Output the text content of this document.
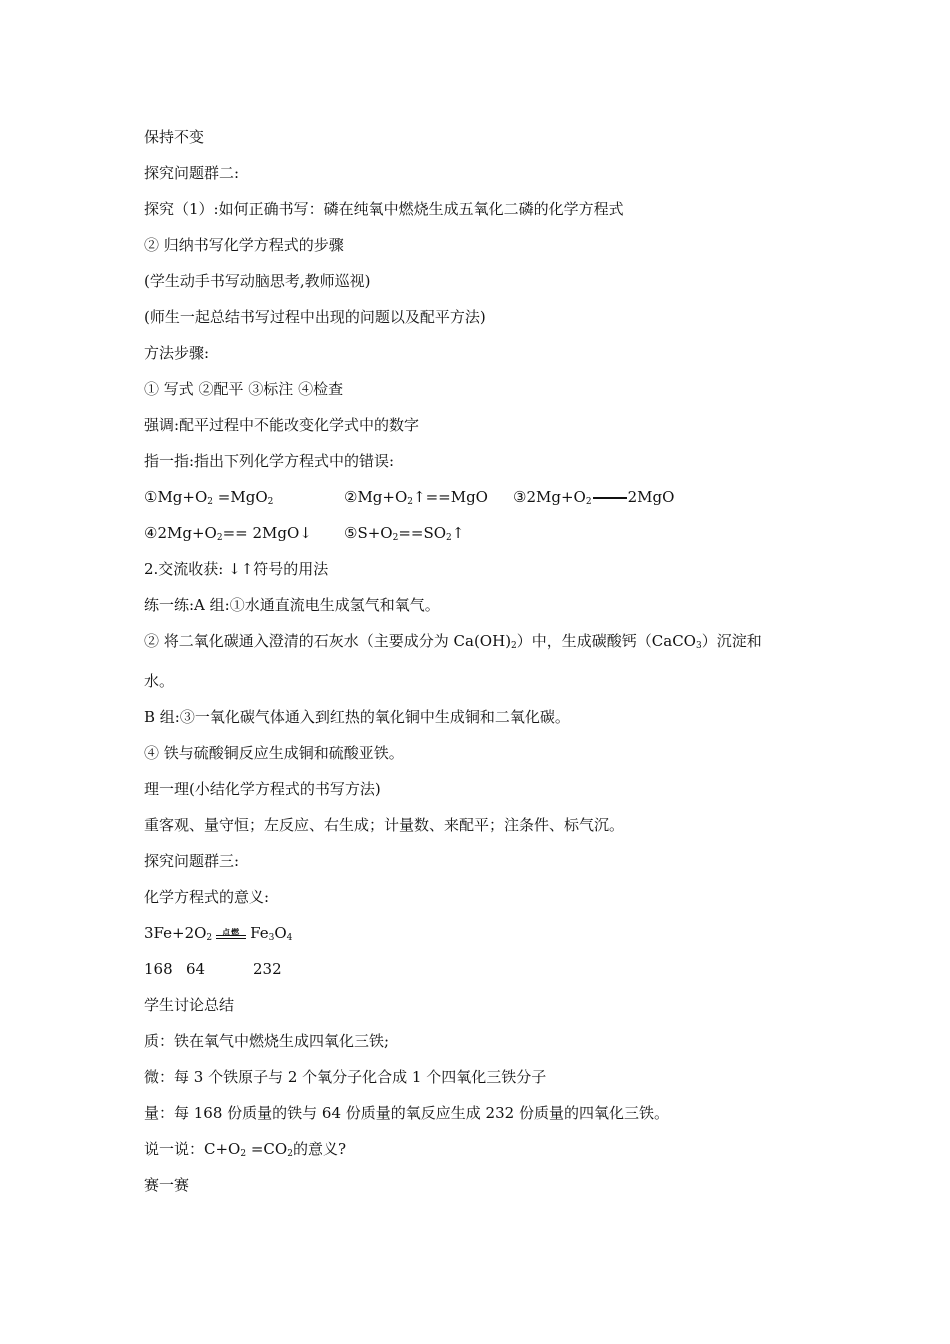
保持不变
探究问题群二:
探究（1）:如何正确书写：磷在纯氧中燃烧生成五氧化二磷的化学方程式
② 归纳书写化学方程式的步骤
(学生动手书写动脑思考,教师巡视)
(师生一起总结书写过程中出现的问题以及配平方法)
方法步骤:
① 写式 ②配平 ③标注 ④检查
强调:配平过程中不能改变化学式中的数字
指一指:指出下列化学方程式中的错误:
$①Mg+O_2 =MgO_2$	$②Mg+O_2↑==MgO$ $③2Mg+O_2$ 2MgO
$④2Mg+O_2==$ 2MgO↓ $⑤S+O_2==SO_2↑$
2.交流收获: ↓↑符号的用法
练一练:A 组:①水通直流电生成氢气和氧气。
② 将二氧化碳通入澄清的石灰水（主要成分为 $Ca(OH)_2$）中，生成碳酸钙（CaCO$_3$）沉淀和
水。
B 组:③一氧化碳气体通入到红热的氧化铜中生成铜和二氧化碳。
④ 铁与硫酸铜反应生成铜和硫酸亚铁。
理一理(小结化学方程式的书写方法)
重客观、量守恒；左反应、右生成；计量数、来配平；注条件、标气沉。
探究问题群三:
化学方程式的意义:
$3Fe+2O_2$
点燃 $Fe_3O_4$
168 64	232
学生讨论总结
质：铁在氧气中燃烧生成四氧化三铁;
微：每 3 个铁原子与 2 个氧分子化合成 1 个四氧化三铁分子
量：每 168 份质量的铁与 64 份质量的氧反应生成 232 份质量的四氧化三铁。
说一说：$C+O_2 =CO_2$的意义?
赛一赛
